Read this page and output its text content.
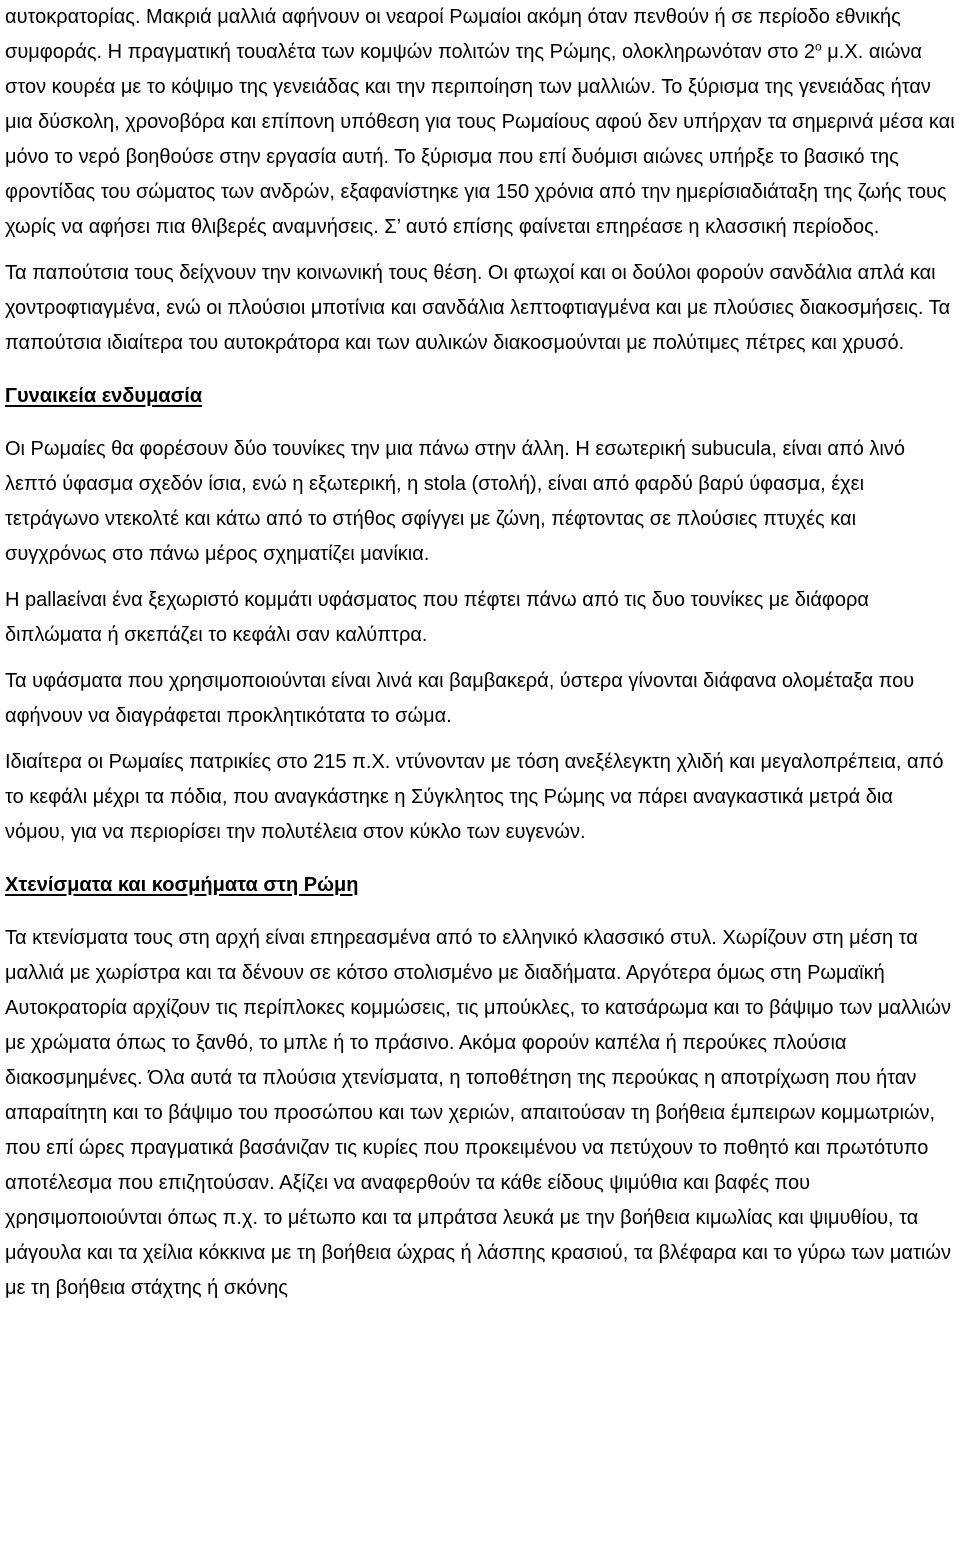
αυτοκρατορίας. Μακριά μαλλιά αφήνουν οι νεαροί Ρωμαίοι ακόμη όταν πενθούν ή σε περίοδο εθνικής συμφοράς. Η πραγματική τουαλέτα των κομψών πολιτών της Ρώμης, ολοκληρωνόταν στο $2^o$ μ.Χ. αιώνα στον κουρέα με το κόψιμο της γενειάδας και την περιποίηση των μαλλιών. Το ξύρισμα της γενειάδας ήταν μια δύσκολη, χρονοβόρα και επίπονη υπόθεση για τους Ρωμαίους αφού δεν υπήρχαν τα σημερινά μέσα και μόνο το νερό βοηθούσε στην εργασία αυτή. Το ξύρισμα που επί δυόμισι αιώνες υπήρξε το βασικό της φροντίδας του σώματος των ανδρών, εξαφανίστηκε για 150 χρόνια από την ημερίσιαδιάταξη της ζωής τους χωρίς να αφήσει πια θλιβερές αναμνήσεις. Σ’ αυτό επίσης φαίνεται επηρέασε η κλασσική περίοδος.

Τα παπούτσια τους δείχνουν την κοινωνική τους θέση. Οι φτωχοί και οι δούλοι φορούν σανδάλια απλά και χοντροφτιαγμένα, ενώ οι πλούσιοι μποτίνια και σανδάλια λεπτοφτιαγμένα και με πλούσιες διακοσμήσεις. Τα παπούτσια ιδιαίτερα του αυτοκράτορα και των αυλικών διακοσμούνται με πολύτιμες πέτρες και χρυσό.

Γυναικεία ενδυμασία

Οι Ρωμαίες θα φορέσουν δύο τουνίκες την μια πάνω στην άλλη. Η εσωτερική subucula, είναι από λινό λεπτό ύφασμα σχεδόν ίσια, ενώ η εξωτερική, η stola (στολή), είναι από φαρδύ βαρύ ύφασμα, έχει τετράγωνο ντεκολτέ και κάτω από το στήθος σφίγγει με ζώνη, πέφτοντας σε πλούσιες πτυχές και συγχρόνως στο πάνω μέρος σχηματίζει μανίκια.

Η pallaείναι ένα ξεχωριστό κομμάτι υφάσματος που πέφτει πάνω από τις δυο τουνίκες με διάφορα διπλώματα ή σκεπάζει το κεφάλι σαν καλύπτρα.

Τα υφάσματα που χρησιμοποιούνται είναι λινά και βαμβακερά, ύστερα γίνονται διάφανα ολομέταξα που αφήνουν να διαγράφεται προκλητικότατα το σώμα.

Ιδιαίτερα οι Ρωμαίες πατρικίες στο 215 π.Χ. ντύνονταν με τόση ανεξέλεγκτη χλιδή και μεγαλοπρέπεια, από το κεφάλι μέχρι τα πόδια, που αναγκάστηκε η Σύγκλητος της Ρώμης να πάρει αναγκαστικά μετρά δια νόμου, για να περιορίσει την πολυτέλεια στον κύκλο των ευγενών.

Χτενίσματα και κοσμήματα στη Ρώμη

Τα κτενίσματα τους στη αρχή είναι επηρεασμένα από το ελληνικό κλασσικό στυλ. Χωρίζουν στη μέση τα μαλλιά με χωρίστρα και τα δένουν σε κότσο στολισμένο με διαδήματα. Αργότερα όμως στη Ρωμαϊκή Αυτοκρατορία αρχίζουν τις περίπλοκες κομμώσεις, τις μπούκλες, το κατσάρωμα και το βάψιμο των μαλλιών με χρώματα όπως το ξανθό, το μπλε ή το πράσινο. Ακόμα φορούν καπέλα ή περούκες πλούσια διακοσμημένες. Όλα αυτά τα πλούσια χτενίσματα, η τοποθέτηση της περούκας η αποτρίχωση που ήταν απαραίτητη και το βάψιμο του προσώπου και των χεριών, απαιτούσαν τη βοήθεια έμπειρων κομμωτριών, που επί ώρες πραγματικά βασάνιζαν τις κυρίες που προκειμένου να πετύχουν το ποθητό και πρωτότυπο αποτέλεσμα που επιζητούσαν. Αξίζει να αναφερθούν τα κάθε είδους ψιμύθια και βαφές που χρησιμοποιούνται όπως π.χ. το μέτωπο και τα μπράτσα λευκά με την βοήθεια κιμωλίας και ψιμυθίου, τα μάγουλα και τα χείλια κόκκινα με τη βοήθεια ώχρας ή λάσπης κρασιού, τα βλέφαρα και το γύρω των ματιών με τη βοήθεια στάχτης ή σκόνης
